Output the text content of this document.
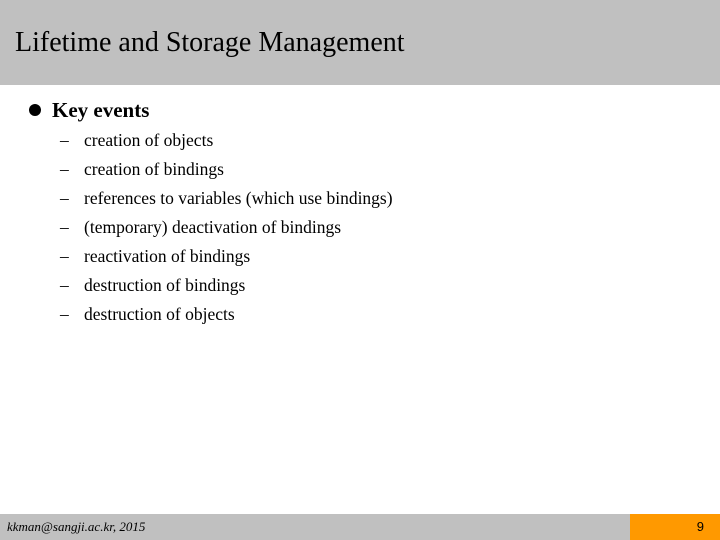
Lifetime and Storage Management
Key events
– creation of objects
– creation of bindings
– references to variables (which use bindings)
– (temporary) deactivation of bindings
– reactivation of bindings
– destruction of bindings
– destruction of objects
kkman@sangji.ac.kr, 2015	9
